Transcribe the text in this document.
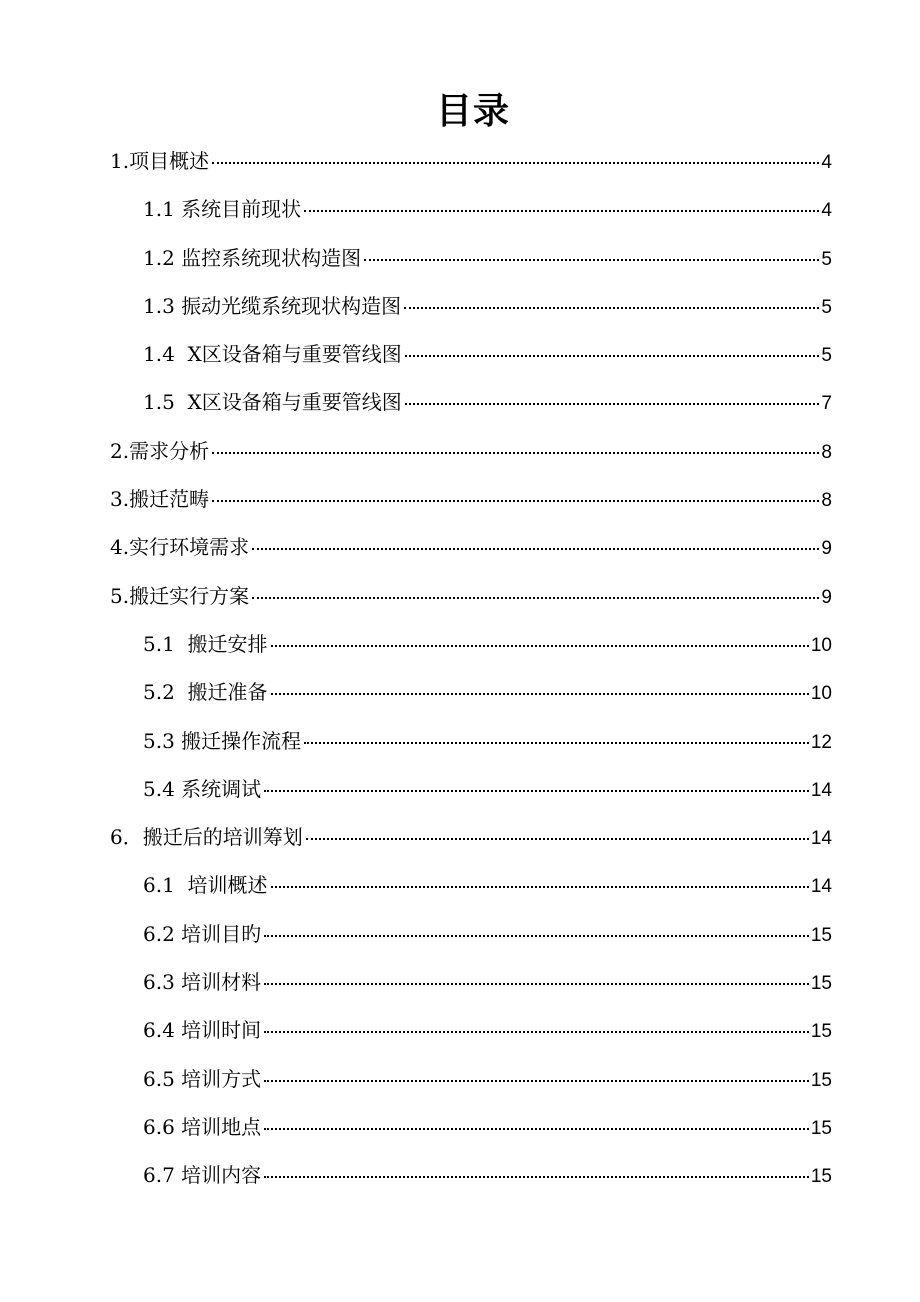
目录
1.项目概述	4
1.1 系统目前现状	4
1.2 监控系统现状构造图	5
1.3 振动光缆系统现状构造图	5
1.4  X区设备箱与重要管线图	5
1.5  X区设备箱与重要管线图	7
2.需求分析	8
3.搬迁范畴	8
4.实行环境需求	9
5.搬迁实行方案	9
5.1  搬迁安排	10
5.2  搬迁准备	10
5.3 搬迁操作流程	12
5.4 系统调试	14
6．搬迁后的培训筹划	14
6.1  培训概述	14
6.2 培训目旳	15
6.3 培训材料	15
6.4 培训时间	15
6.5 培训方式	15
6.6 培训地点	15
6.7 培训内容	15
